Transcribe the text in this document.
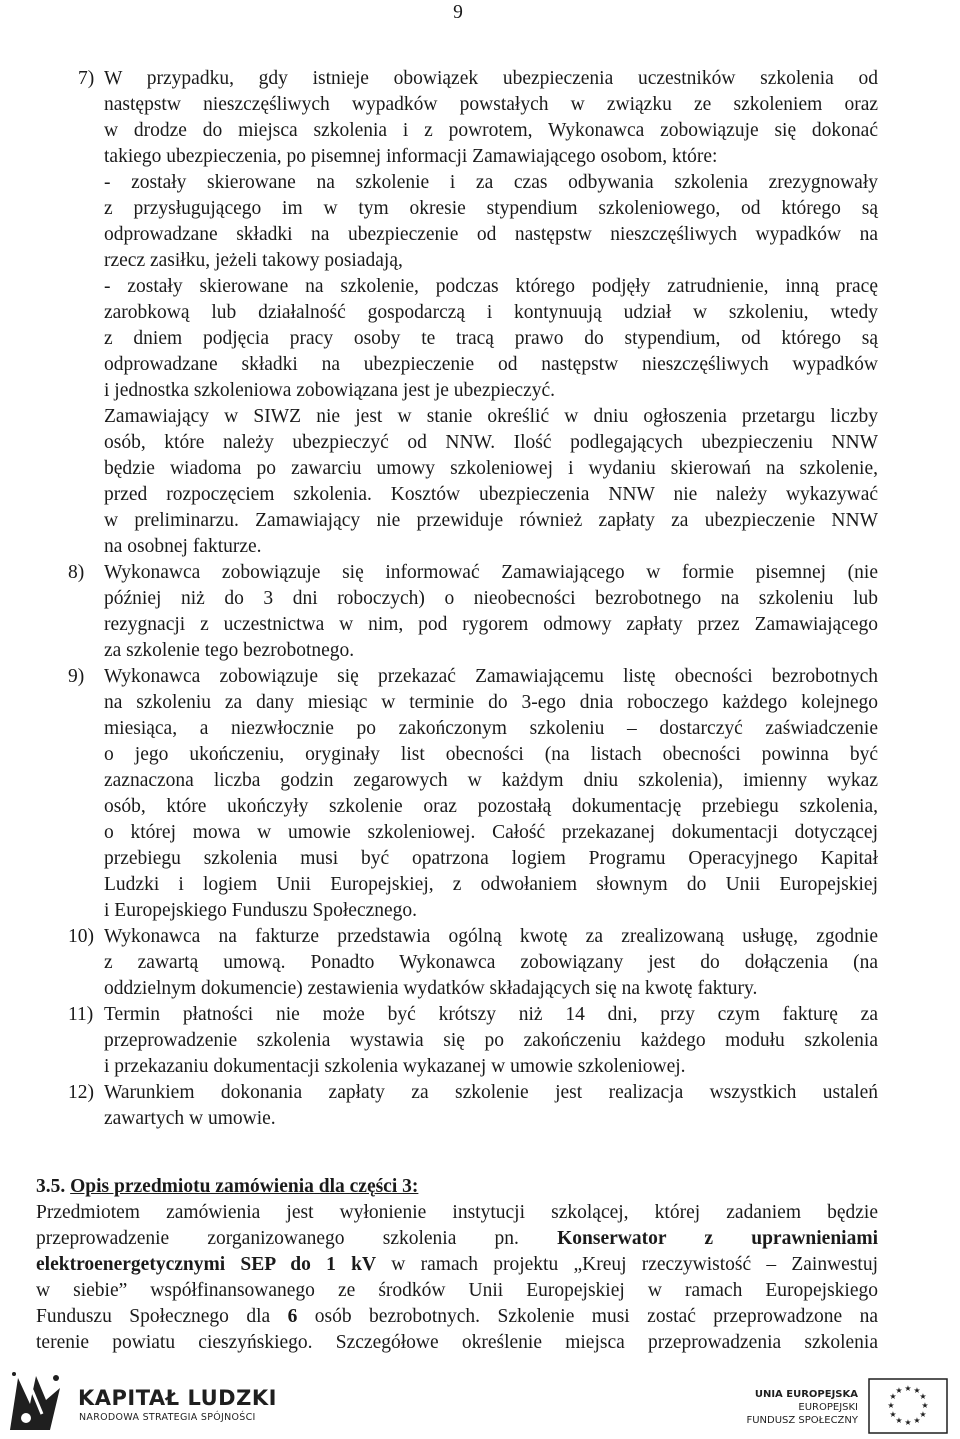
9
7) W przypadku, gdy istnieje obowiązek ubezpieczenia uczestników szkolenia od
następstw nieszczęśliwych wypadków powstałych w związku ze szkoleniem oraz
w drodze do miejsca szkolenia i z powrotem, Wykonawca zobowiązuje się dokonać
takiego ubezpieczenia, po pisemnej informacji Zamawiającego osobom, które:
- zostały skierowane na szkolenie i za czas odbywania szkolenia zrezygnowały
z przysługującego im w tym okresie stypendium szkoleniowego, od którego są
odprowadzane składki na ubezpieczenie od następstw nieszczęśliwych wypadków na
rzecz zasiłku, jeżeli takowy posiadają,
- zostały skierowane na szkolenie, podczas którego podjęły zatrudnienie, inną pracę
zarobkową lub działalność gospodarczą i kontynuują udział w szkoleniu, wtedy
z dniem podjęcia pracy osoby te tracą prawo do stypendium, od którego są
odprowadzane składki na ubezpieczenie od następstw nieszczęśliwych wypadków
i jednostka szkoleniowa zobowiązana jest je ubezpieczyć.
Zamawiający w SIWZ nie jest w stanie określić w dniu ogłoszenia przetargu liczby
osób, które należy ubezpieczyć od NNW. Ilość podlegających ubezpieczeniu NNW
będzie wiadoma po zawarciu umowy szkoleniowej i wydaniu skierowań na szkolenie,
przed rozpoczęciem szkolenia. Kosztów ubezpieczenia NNW nie należy wykazywać
w preliminarzu. Zamawiający nie przewiduje również zapłaty za ubezpieczenie NNW
na osobnej fakturze.
8) Wykonawca zobowiązuje się informować Zamawiającego w formie pisemnej (nie
później niż do 3 dni roboczych) o nieobecności bezrobotnego na szkoleniu lub
rezygnacji z uczestnictwa w nim, pod rygorem odmowy zapłaty przez Zamawiającego
za szkolenie tego bezrobotnego.
9) Wykonawca zobowiązuje się przekazać Zamawiającemu listę obecności bezrobotnych
na szkoleniu za dany miesiąc w terminie do 3-ego dnia roboczego każdego kolejnego
miesiąca, a niezwłocznie po zakończonym szkoleniu – dostarczyć zaświadczenie
o jego ukończeniu, oryginały list obecności (na listach obecności powinna być
zaznaczona liczba godzin zegarowych w każdym dniu szkolenia), imienny wykaz
osób, które ukończyły szkolenie oraz pozostałą dokumentację przebiegu szkolenia,
o której mowa w umowie szkoleniowej. Całość przekazanej dokumentacji dotyczącej
przebiegu szkolenia musi być opatrzona logiem Programu Operacyjnego Kapitał
Ludzki i logiem Unii Europejskiej, z odwołaniem słownym do Unii Europejskiej
i Europejskiego Funduszu Społecznego.
10) Wykonawca na fakturze przedstawia ogólną kwotę za zrealizowaną usługę, zgodnie
z zawartą umową. Ponadto Wykonawca zobowiązany jest do dołączenia (na
oddzielnym dokumencie) zestawienia wydatków składających się na kwotę faktury.
11) Termin płatności nie może być krótszy niż 14 dni, przy czym fakturę za
przeprowadzenie szkolenia wystawia się po zakończeniu każdego modułu szkolenia
i przekazaniu dokumentacji szkolenia wykazanej w umowie szkoleniowej.
12) Warunkiem dokonania zapłaty za szkolenie jest realizacja wszystkich ustaleń
zawartych w umowie.
3.5. Opis przedmiotu zamówienia dla części 3:
Przedmiotem zamówienia jest wyłonienie instytucji szkolącej, której zadaniem będzie
przeprowadzenie zorganizowanego szkolenia pn. Konserwator z uprawnieniami
elektroenergetycznymi SEP do 1 kV w ramach projektu „Kreuj rzeczywistość – Zainwestuj
w siebie” współfinansowanego ze środków Unii Europejskiej w ramach Europejskiego
Funduszu Społecznego dla 6 osób bezrobotnych. Szkolenie musi zostać przeprowadzone na
terenie powiatu cieszyńskiego. Szczegółowe określenie miejsca przeprowadzenia szkolenia
KAPITAŁ LUDZKI
NARODOWA STRATEGIA SPÓJNOŚCI
UNIA EUROPEJSKA
EUROPEJSKI
FUNDUSZ SPOŁECZNY
★ ★
★
★
★
★
★
★
★
★
★
★
